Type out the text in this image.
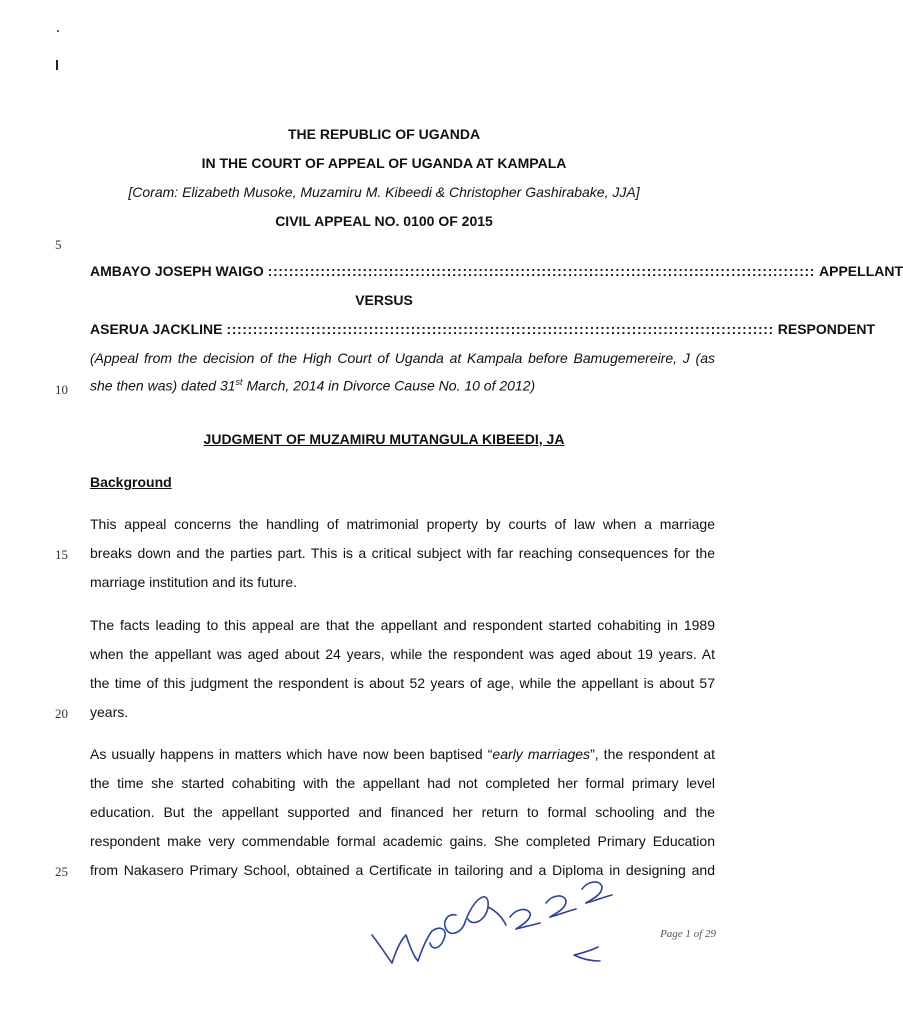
THE REPUBLIC OF UGANDA
IN THE COURT OF APPEAL OF UGANDA AT KAMPALA
[Coram: Elizabeth Musoke, Muzamiru M. Kibeedi & Christopher Gashirabake, JJA]
CIVIL APPEAL NO. 0100 OF 2015
5
AMBAYO JOSEPH WAIGO :::::::::::::::::::::::::::::::::::::::::::::::::::::::::::::::::::::::::::::::::::::::::::::::::::::::: APPELLANT
VERSUS
ASERUA JACKLINE :::::::::::::::::::::::::::::::::::::::::::::::::::::::::::::::::::::::::::::::::::::::::::::::::::::::: RESPONDENT
(Appeal from the decision of the High Court of Uganda at Kampala before Bamugemereire, J (as
10 she then was) dated 31st March, 2014 in Divorce Cause No. 10 of 2012)
JUDGMENT OF MUZAMIRU MUTANGULA KIBEEDI, JA
Background
This appeal concerns the handling of matrimonial property by courts of law when a marriage
15 breaks down and the parties part. This is a critical subject with far reaching consequences for the
marriage institution and its future.
The facts leading to this appeal are that the appellant and respondent started cohabiting in 1989
when the appellant was aged about 24 years, while the respondent was aged about 19 years. At
the time of this judgment the respondent is about 52 years of age, while the appellant is about 57
20 years.
As usually happens in matters which have now been baptised “early marriages”, the respondent at
the time she started cohabiting with the appellant had not completed her formal primary level
education. But the appellant supported and financed her return to formal schooling and the
respondent make very commendable formal academic gains. She completed Primary Education
25 from Nakasero Primary School, obtained a Certificate in tailoring and a Diploma in designing and
Page 1 of 29
